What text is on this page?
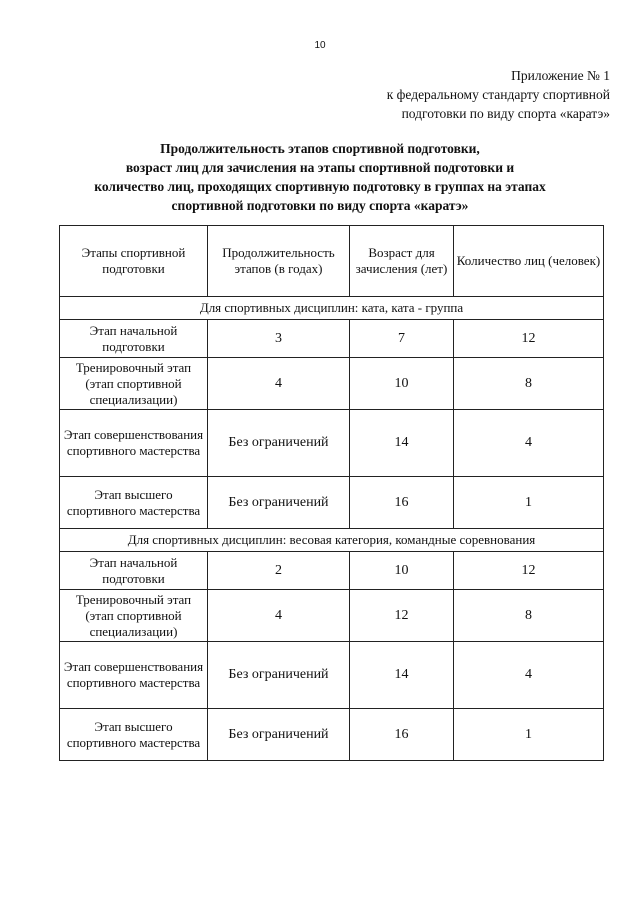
10
Приложение № 1
к федеральному стандарту спортивной
подготовки по виду спорта «каратэ»
Продолжительность этапов спортивной подготовки,
возраст лиц для зачисления на этапы спортивной подготовки и
количество лиц, проходящих спортивную подготовку в группах на этапах
спортивной подготовки по виду спорта «каратэ»
Этапы спортивной подготовки	Продолжительность этапов (в годах)	Возраст для зачисления (лет)	Количество лиц (человек)
Для спортивных дисциплин: ката, ката - группа			
Этап начальной подготовки	3	7	12
Тренировочный этап (этап спортивной специализации)	4	10	8
Этап совершенствования спортивного мастерства	Без ограничений	14	4
Этап высшего спортивного мастерства	Без ограничений	16	1
Для спортивных дисциплин: весовая категория, командные соревнования			
Этап начальной подготовки	2	10	12
Тренировочный этап (этап спортивной специализации)	4	12	8
Этап совершенствования спортивного мастерства	Без ограничений	14	4
Этап высшего спортивного мастерства	Без ограничений	16	1
